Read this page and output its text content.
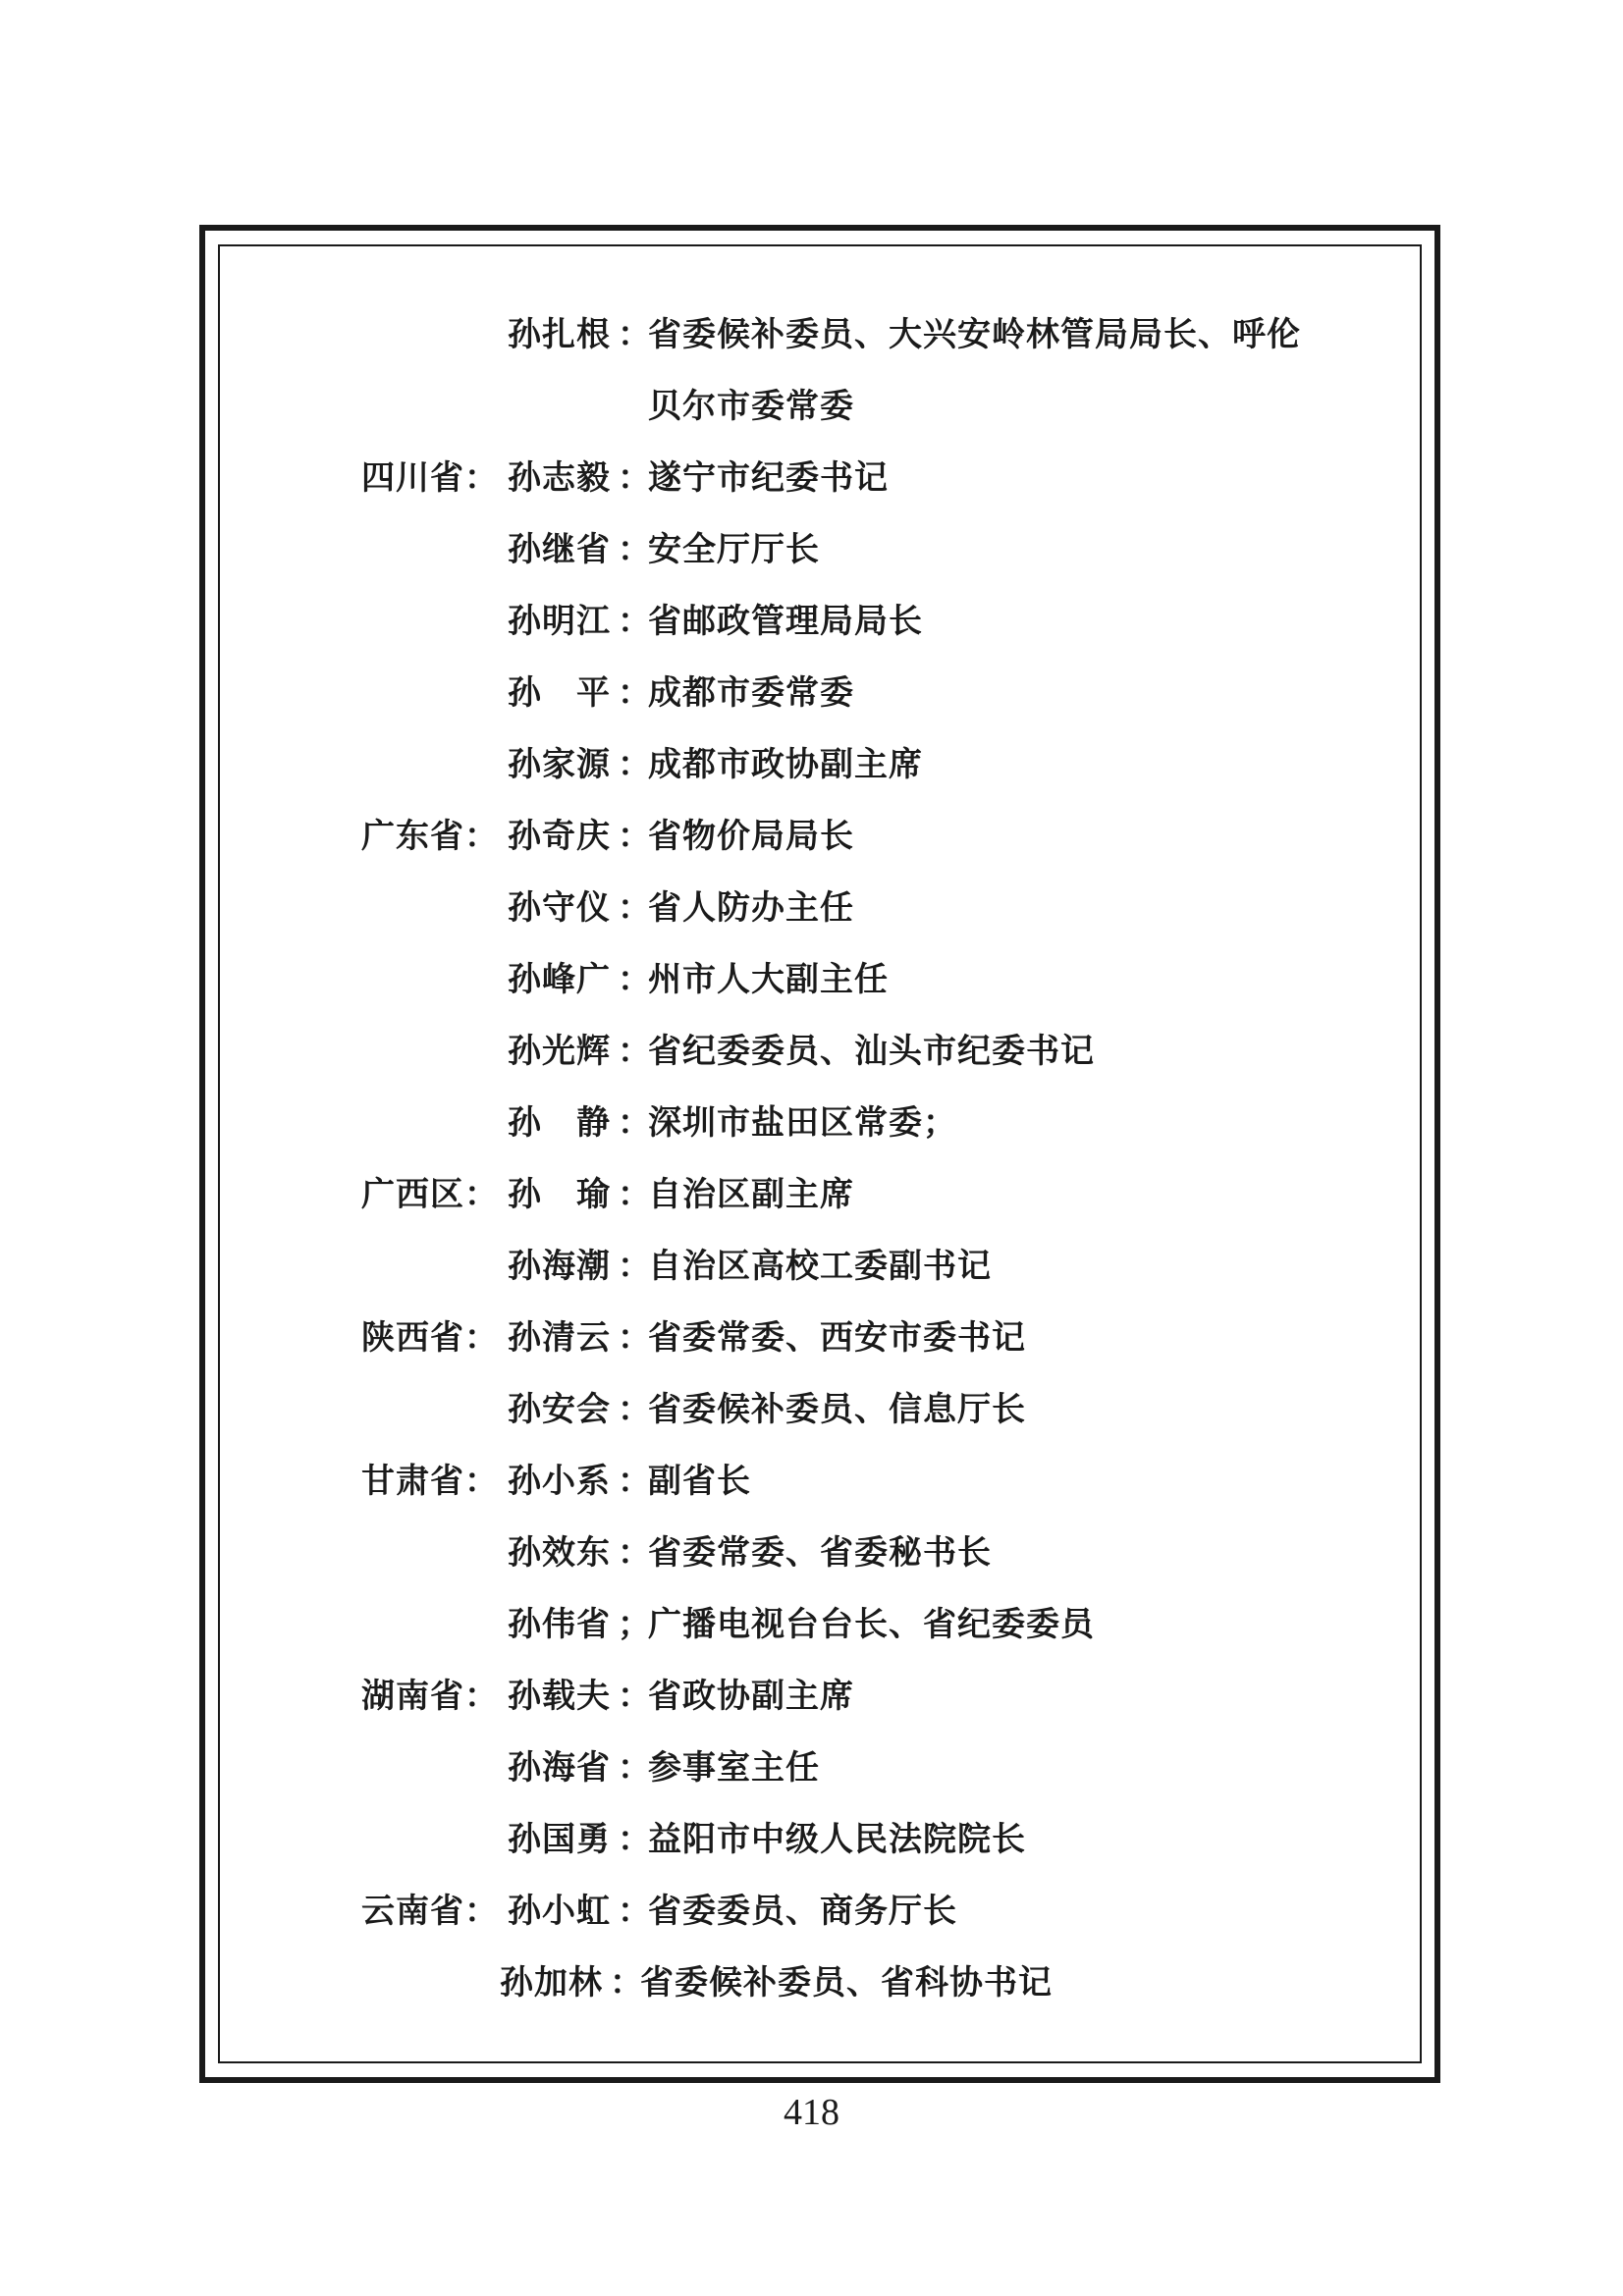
孙扎根 ：
省委候补委员、大兴安岭林管局局长、呼伦
贝尔市委常委
四川省： 孙志毅 ：
遂宁市纪委书记
孙继省 ：
安全厅厅长
孙明江 ：
省邮政管理局局长
孙　平 ：
成都市委常委
孙家源 ：
成都市政协副主席
广东省： 孙奇庆 ：
省物价局局长
孙守仪 ：
省人防办主任
孙峰广 ：
州市人大副主任
孙光辉 ：
省纪委委员、汕头市纪委书记
孙　静 ：
深圳市盐田区常委；
广西区： 孙　瑜 ：
自治区副主席
孙海潮 ：
自治区高校工委副书记
陕西省： 孙清云 ：
省委常委、西安市委书记
孙安会 ：
省委候补委员、信息厅长
甘肃省： 孙小系 ：
副省长
孙效东 ：
省委常委、省委秘书长
孙伟省 ；
广播电视台台长、省纪委委员
湖南省： 孙载夫 ：
省政协副主席
孙海省 ：
参事室主任
孙国勇 ：
益阳市中级人民法院院长
云南省： 孙小虹 ：
省委委员、商务厅长
孙加林 ：
省委候补委员、省科协书记
418
